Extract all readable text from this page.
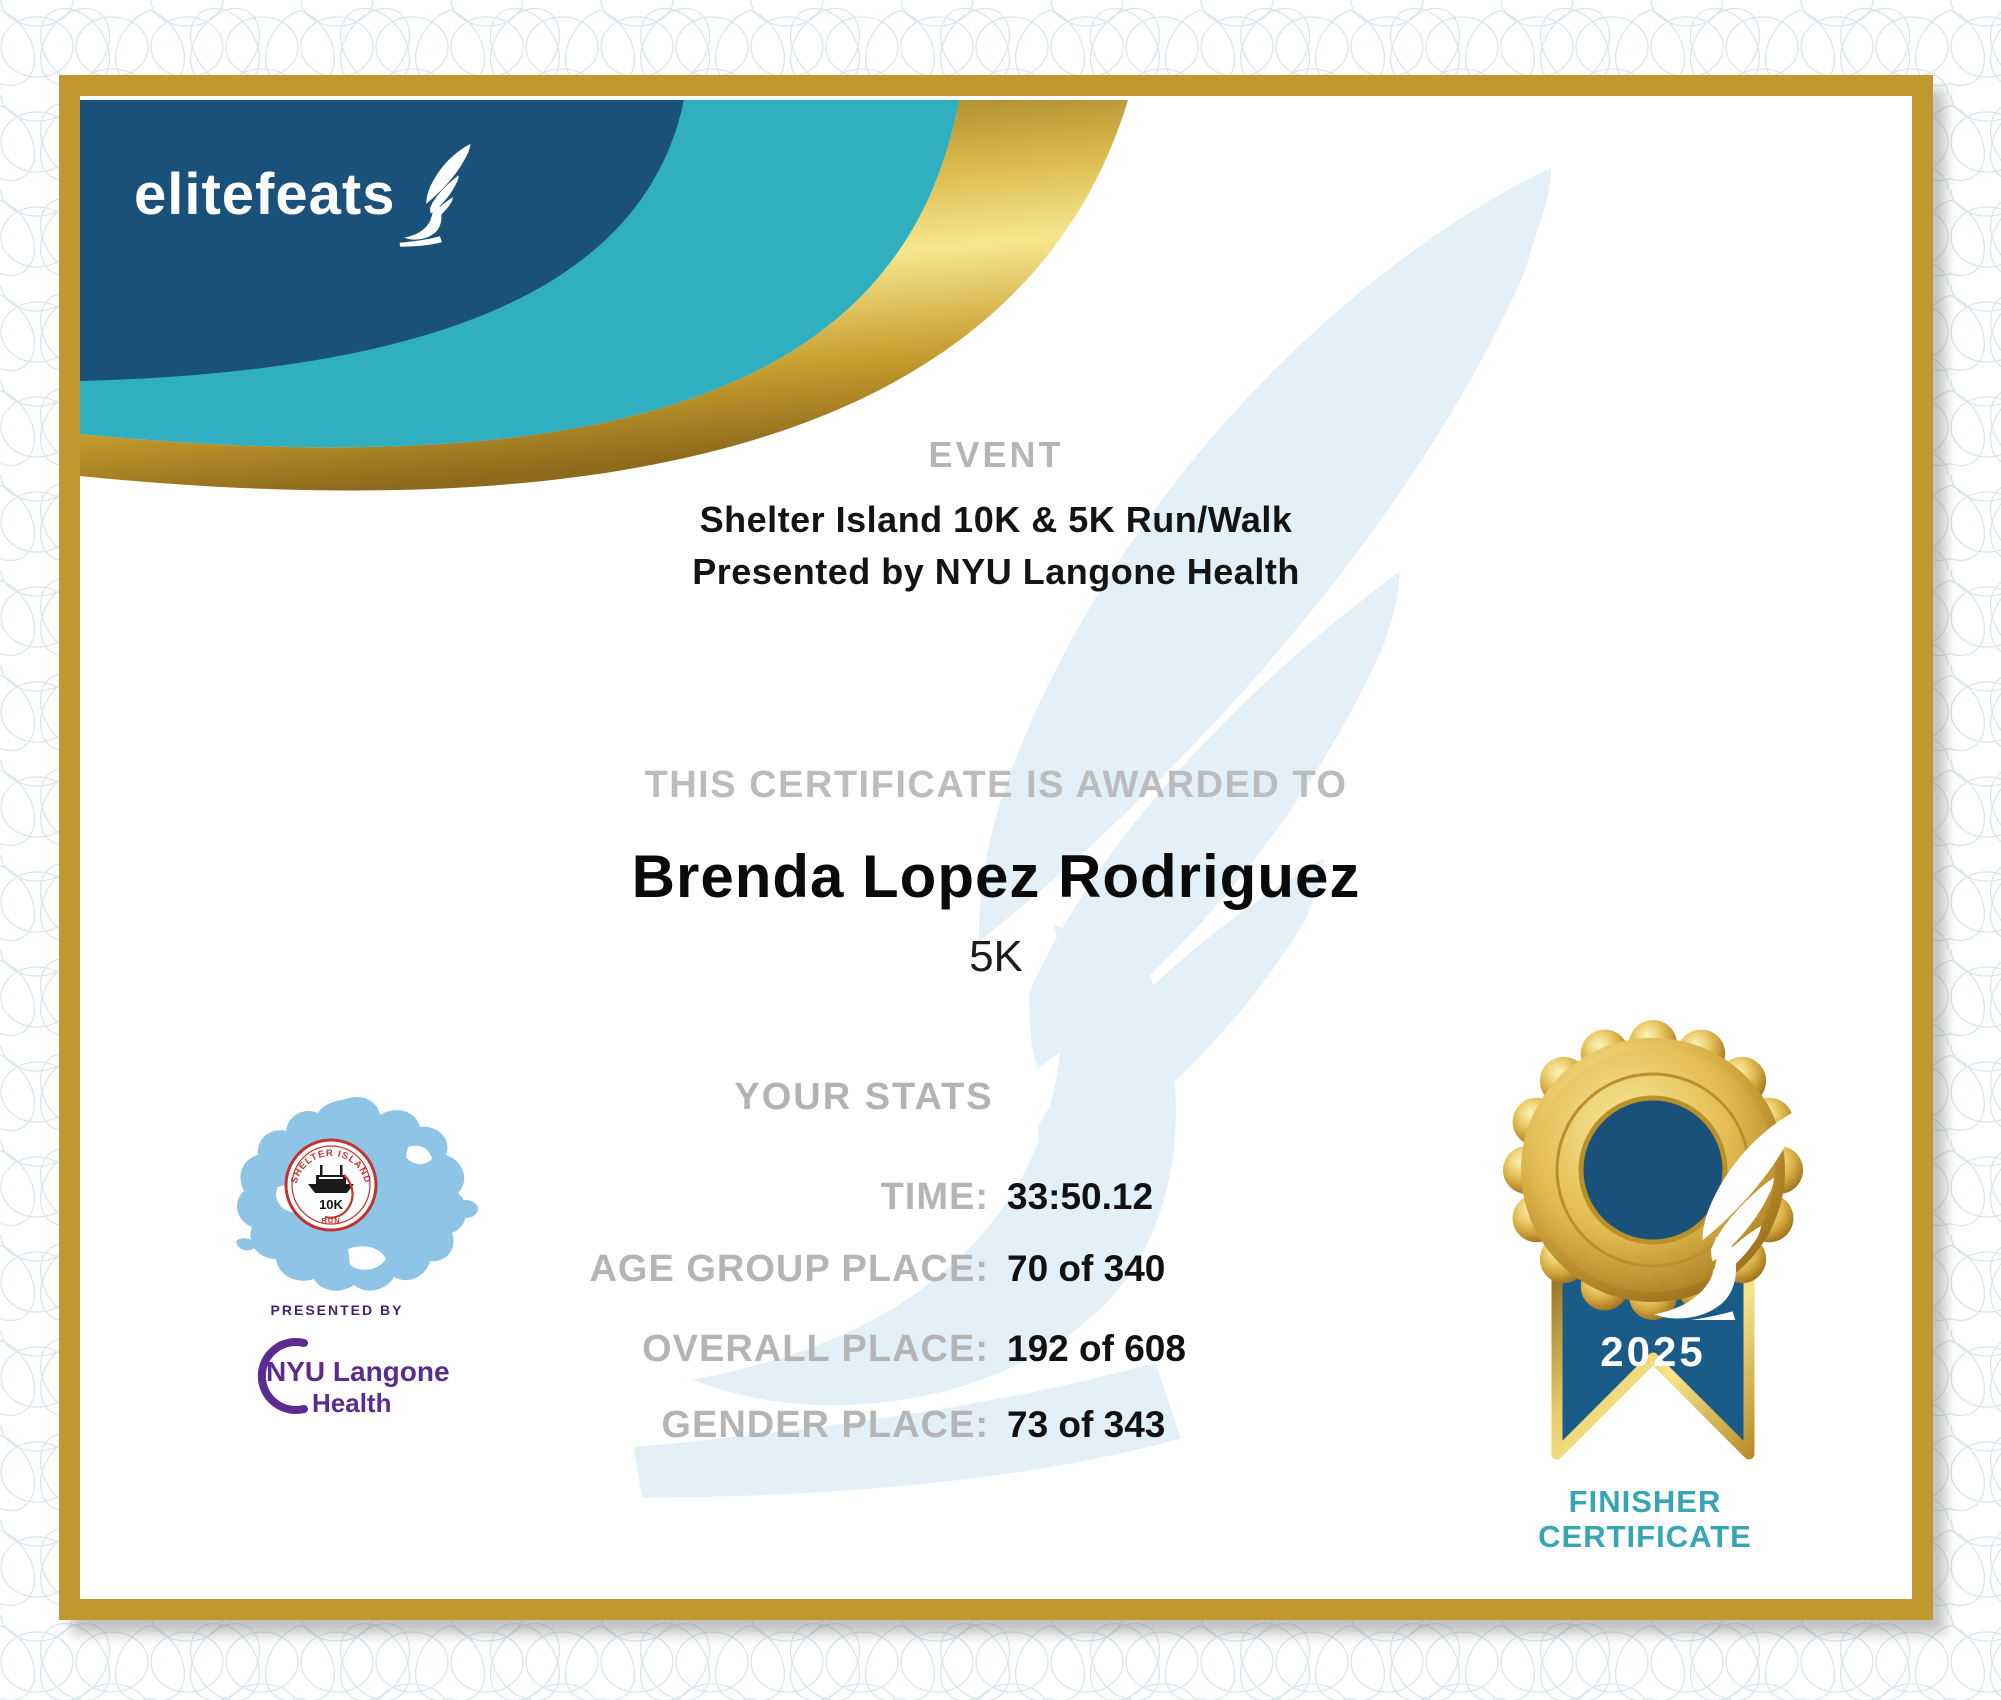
elitefeats
EVENT
Shelter Island 10K & 5K Run/Walk
Presented by NYU Langone Health
THIS CERTIFICATE IS AWARDED TO
Brenda Lopez Rodriguez
5K
YOUR STATS
TIME: 33:50.12
AGE GROUP PLACE: 70 of 340
OVERALL PLACE: 192 of 608
GENDER PLACE: 73 of 343
2025
FINISHER
CERTIFICATE
SHELTER ISLAND
10K
RUN
PRESENTED BY
NYU Langone
Health
